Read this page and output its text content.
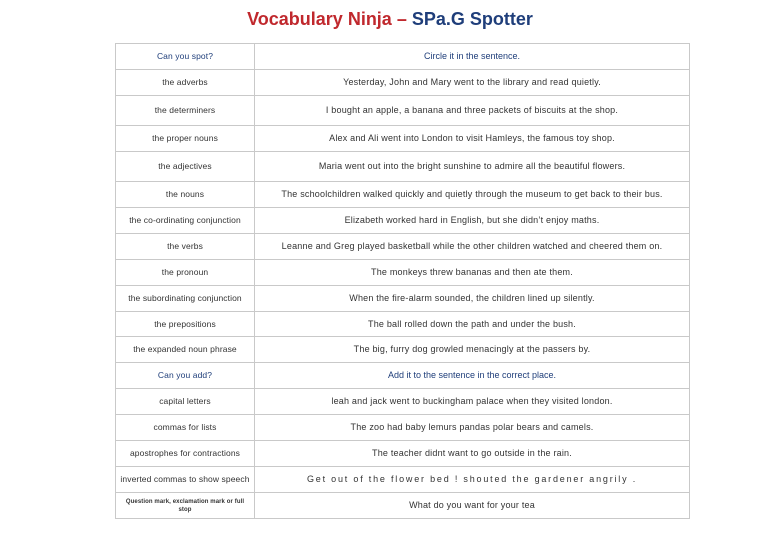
Vocabulary Ninja – SPa.G Spotter
Can you spot?	Circle it in the sentence.
the adverbs	Yesterday, John and Mary went to the library and read quietly.
the determiners	I bought an apple, a banana and three packets of biscuits at the shop.
the proper nouns	Alex and Ali went into London to visit Hamleys, the famous toy shop.
the adjectives	Maria went out into the bright sunshine to admire all the beautiful flowers.
the nouns	The schoolchildren walked quickly and quietly through the museum to get back to their bus.
the co-ordinating conjunction	Elizabeth worked hard in English, but she didn’t enjoy maths.
the verbs	Leanne and Greg played basketball while the other children watched and cheered them on.
the pronoun	The monkeys threw bananas and then ate them.
the subordinating conjunction	When the fire-alarm sounded, the children lined up silently.
the prepositions	The ball rolled down the path and under the bush.
the expanded noun phrase	The big, furry dog growled menacingly at the passers by.
Can you add?	Add it to the sentence in the correct place.
capital letters	leah and jack went to buckingham palace when they visited london.
commas for lists	The zoo had baby lemurs pandas polar bears and camels.
apostrophes for contractions	The teacher didnt want to go outside in the rain.
inverted commas to show speech	Get out of the flower bed ! shouted the gardener angrily .
Question mark, exclamation mark or full stop	What do you want for your tea
